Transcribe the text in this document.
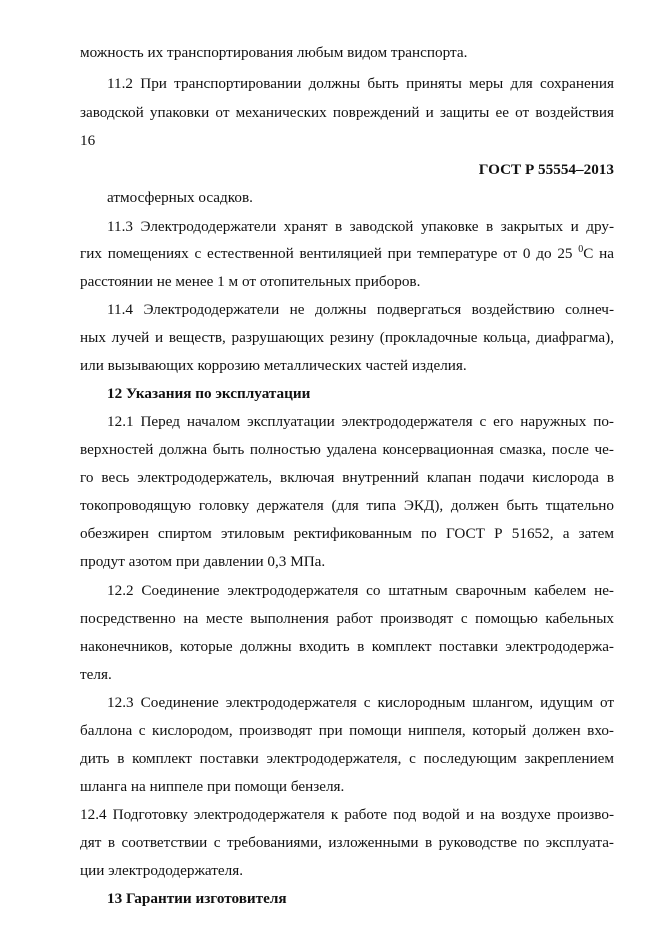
можность их транспортирования любым видом транспорта.
11.2 При транспортировании должны быть приняты меры для сохранения
заводской упаковки от механических повреждений и защиты ее от воздействия
16
ГОСТ Р 55554–2013
атмосферных осадков.
11.3 Электрододержатели хранят в заводской упаковке в закрытых и дру-
гих помещениях с естественной вентиляцией при температуре от 0 до 25 $^0$C на
расстоянии не менее 1 м от отопительных приборов.
11.4 Электрододержатели не должны подвергаться воздействию солнеч-
ных лучей и веществ, разрушающих резину (прокладочные кольца, диафрагма),
или вызывающих коррозию металлических частей изделия.
12 Указания по эксплуатации
12.1 Перед началом эксплуатации электрододержателя с его наружных по-
верхностей должна быть полностью удалена консервационная смазка, после че-
го весь электрододержатель, включая внутренний клапан подачи кислорода в
токопроводящую головку держателя (для типа ЭКД), должен быть тщательно
обезжирен спиртом этиловым ректификованным по ГОСТ Р 51652, а затем
продут азотом при давлении 0,3 МПа.
12.2 Соединение электрододержателя со штатным сварочным кабелем не-
посредственно на месте выполнения работ производят с помощью кабельных
наконечников, которые должны входить в комплект поставки электрододержа-
теля.
12.3 Соединение электрододержателя с кислородным шлангом, идущим от
баллона с кислородом, производят при помощи ниппеля, который должен вхо-
дить в комплект поставки электрододержателя, с последующим закреплением
шланга на ниппеле при помощи бензеля.
12.4 Подготовку электрододержателя к работе под водой и на воздухе произво-
дят в соответствии с требованиями, изложенными в руководстве по эксплуата-
ции электрододержателя.
13 Гарантии изготовителя
